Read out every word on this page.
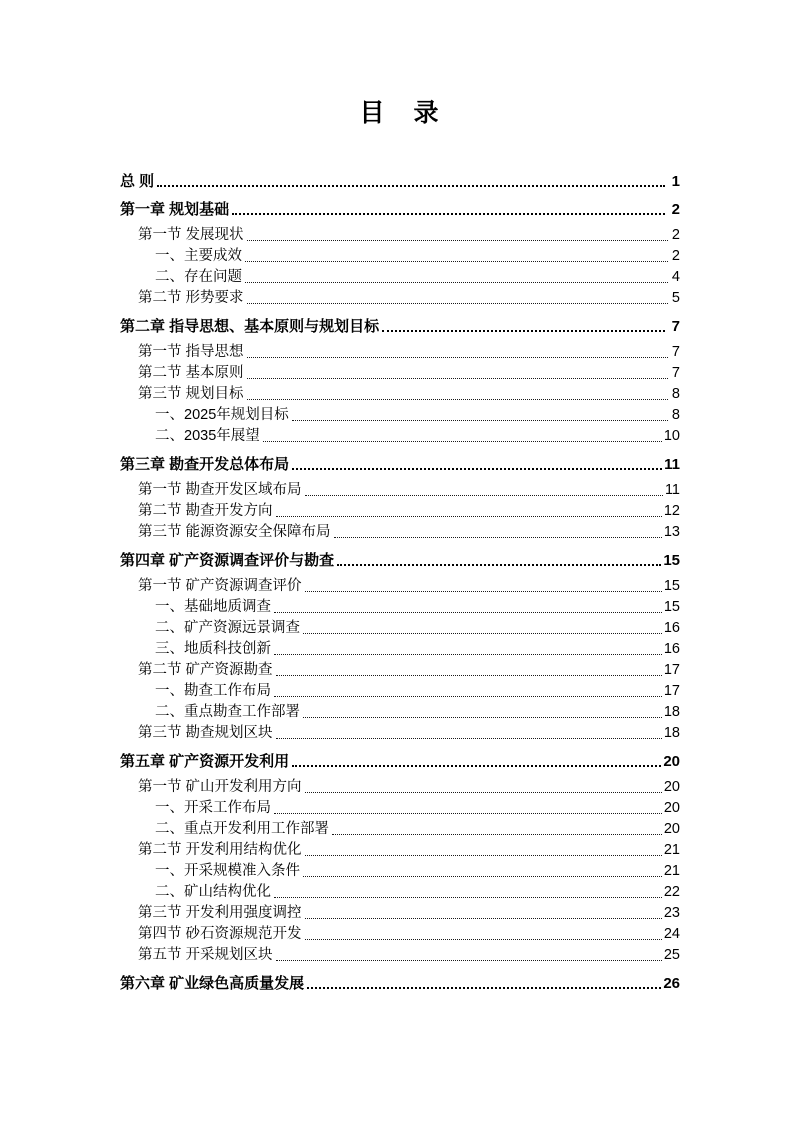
目　录
总 则	1
第一章 规划基础	2
第一节 发展现状	2
一、主要成效	2
二、存在问题	4
第二节 形势要求	5
第二章 指导思想、基本原则与规划目标	7
第一节 指导思想	7
第二节 基本原则	7
第三节 规划目标	8
一、2025年规划目标	8
二、2035年展望	10
第三章 勘查开发总体布局	11
第一节 勘查开发区域布局	11
第二节 勘查开发方向	12
第三节 能源资源安全保障布局	13
第四章 矿产资源调查评价与勘查	15
第一节 矿产资源调查评价	15
一、基础地质调查	15
二、矿产资源远景调查	16
三、地质科技创新	16
第二节 矿产资源勘查	17
一、勘查工作布局	17
二、重点勘查工作部署	18
第三节 勘查规划区块	18
第五章 矿产资源开发利用	20
第一节 矿山开发利用方向	20
一、开采工作布局	20
二、重点开发利用工作部署	20
第二节 开发利用结构优化	21
一、开采规模准入条件	21
二、矿山结构优化	22
第三节 开发利用强度调控	23
第四节 砂石资源规范开发	24
第五节 开采规划区块	25
第六章 矿业绿色高质量发展	26
